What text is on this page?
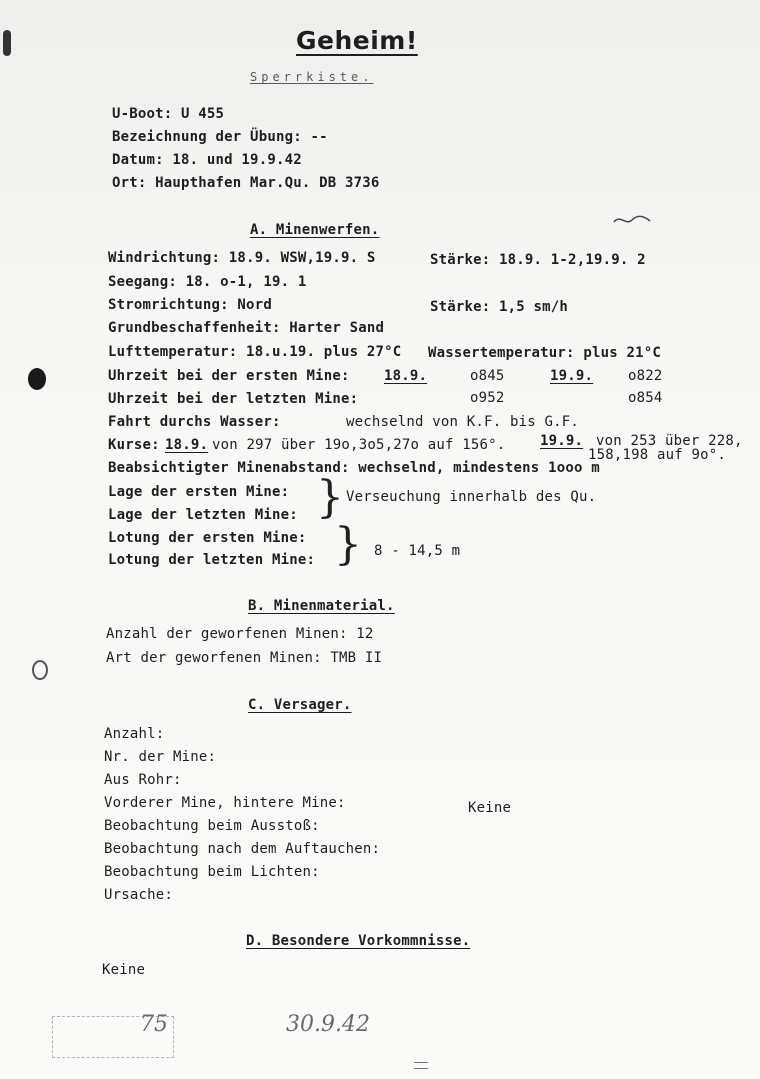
Geheim!
Sperrkiste.
U-Boot: U 455
Bezeichnung der Übung: --
Datum: 18. und 19.9.42
Ort: Haupthafen Mar.Qu. DB 3736
A. Minenwerfen.
Windrichtung: 18.9. WSW,19.9. S	Stärke: 18.9. 1-2,19.9. 2
Seegang: 18. o-1, 19. 1
Stromrichtung: Nord	Stärke: 1,5 sm/h
Grundbeschaffenheit: Harter Sand
Lufttemperatur: 18.u.19. plus 27°C Wassertemperatur: plus 21°C
Uhrzeit bei der ersten Mine: 18.9.	o845	19.9. o822
Uhrzeit bei der letzten Mine:	o952	o854
Fahrt durchs Wasser:	wechselnd von K.F. bis G.F.
Kurse: 18.9. von 297 über 19o,3o5,27o auf 156°. 19.9. von 253 über 228,
158,198 auf 9o°.
Beabsichtigter Minenabstand: wechselnd, mindestens 1ooo m
Lage der ersten Mine:
Lage der letzten Mine: } Verseuchung innerhalb des Qu.
Lotung der ersten Mine:
Lotung der letzten Mine: } 8 - 14,5 m
B. Minenmaterial.
Anzahl der geworfenen Minen: 12
Art der geworfenen Minen: TMB II
C. Versager.
Anzahl:
Nr. der Mine:
Aus Rohr:
Vorderer Mine, hintere Mine:	Keine
Beobachtung beim Ausstoß:
Beobachtung nach dem Auftauchen:
Beobachtung beim Lichten:
Ursache:
D. Besondere Vorkommnisse.
Keine
75	30.9.42
